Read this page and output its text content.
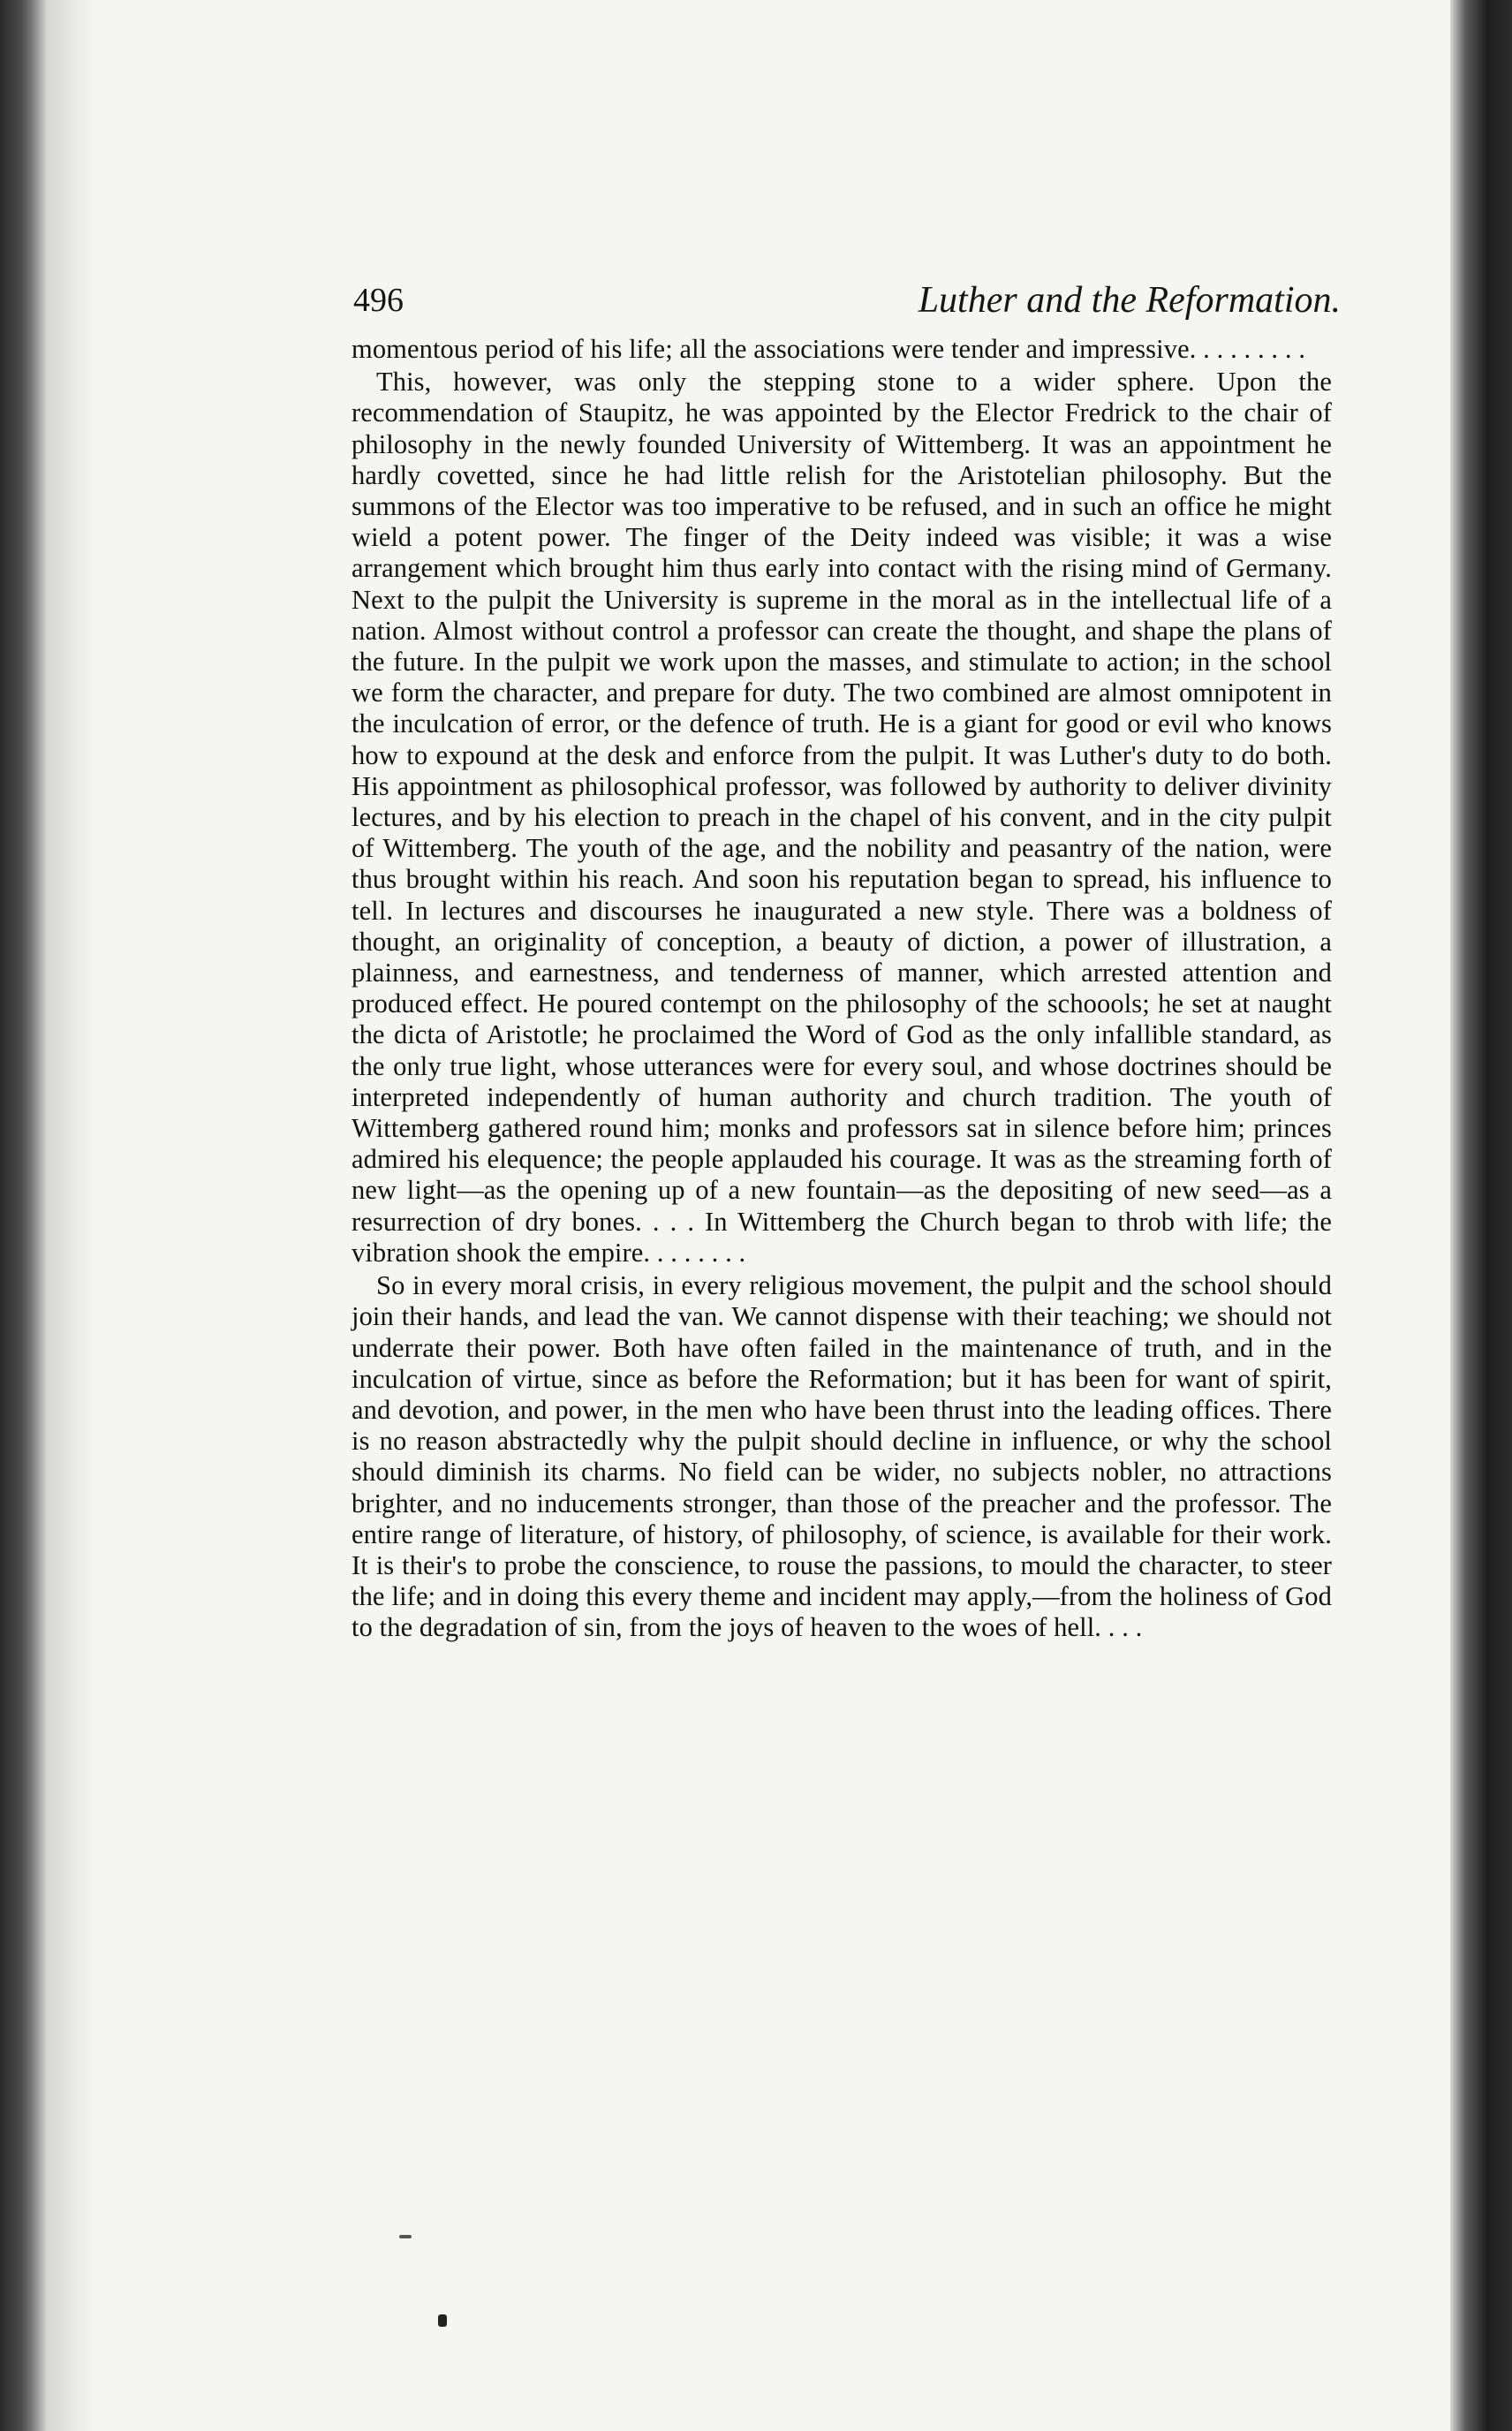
496	Luther and the Reformation.

momentous period of his life; all the associations were tender and impressive. . . . . . . . .

This, however, was only the stepping stone to a wider sphere. Upon the recommendation of Staupitz, he was appointed by the Elector Fredrick to the chair of philosophy in the newly founded University of Wittemberg. It was an appointment he hardly covetted, since he had little relish for the Aristotelian philosophy. But the summons of the Elector was too imperative to be refused, and in such an office he might wield a potent power. The finger of the Deity indeed was visible; it was a wise arrangement which brought him thus early into contact with the rising mind of Germany. Next to the pulpit the University is supreme in the moral as in the intellectual life of a nation. Almost without control a professor can create the thought, and shape the plans of the future. In the pulpit we work upon the masses, and stimulate to action; in the school we form the character, and prepare for duty. The two combined are almost omnipotent in the inculcation of error, or the defence of truth. He is a giant for good or evil who knows how to expound at the desk and enforce from the pulpit. It was Luther's duty to do both. His appointment as philosophical professor, was followed by authority to deliver divinity lectures, and by his election to preach in the chapel of his convent, and in the city pulpit of Wittemberg. The youth of the age, and the nobility and peasantry of the nation, were thus brought within his reach. And soon his reputation began to spread, his influence to tell. In lectures and discourses he inaugurated a new style. There was a boldness of thought, an originality of conception, a beauty of diction, a power of illustration, a plainness, and earnestness, and tenderness of manner, which arrested attention and produced effect. He poured contempt on the philosophy of the schoools; he set at naught the dicta of Aristotle; he proclaimed the Word of God as the only infallible standard, as the only true light, whose utterances were for every soul, and whose doctrines should be interpreted independently of human authority and church tradition. The youth of Wittemberg gathered round him; monks and professors sat in silence before him; princes admired his elequence; the people applauded his courage. It was as the streaming forth of new light—as the opening up of a new fountain—as the depositing of new seed—as a resurrection of dry bones. . . . In Wittemberg the Church began to throb with life; the vibration shook the empire. . . . . . . .

So in every moral crisis, in every religious movement, the pulpit and the school should join their hands, and lead the van. We cannot dispense with their teaching; we should not underrate their power. Both have often failed in the maintenance of truth, and in the inculcation of virtue, since as before the Reformation; but it has been for want of spirit, and devotion, and power, in the men who have been thrust into the leading offices. There is no reason abstractedly why the pulpit should decline in influence, or why the school should diminish its charms. No field can be wider, no subjects nobler, no attractions brighter, and no inducements stronger, than those of the preacher and the professor. The entire range of literature, of history, of philosophy, of science, is available for their work. It is their's to probe the conscience, to rouse the passions, to mould the character, to steer the life; and in doing this every theme and incident may apply,—from the holiness of God to the degradation of sin, from the joys of heaven to the woes of hell. . . .
